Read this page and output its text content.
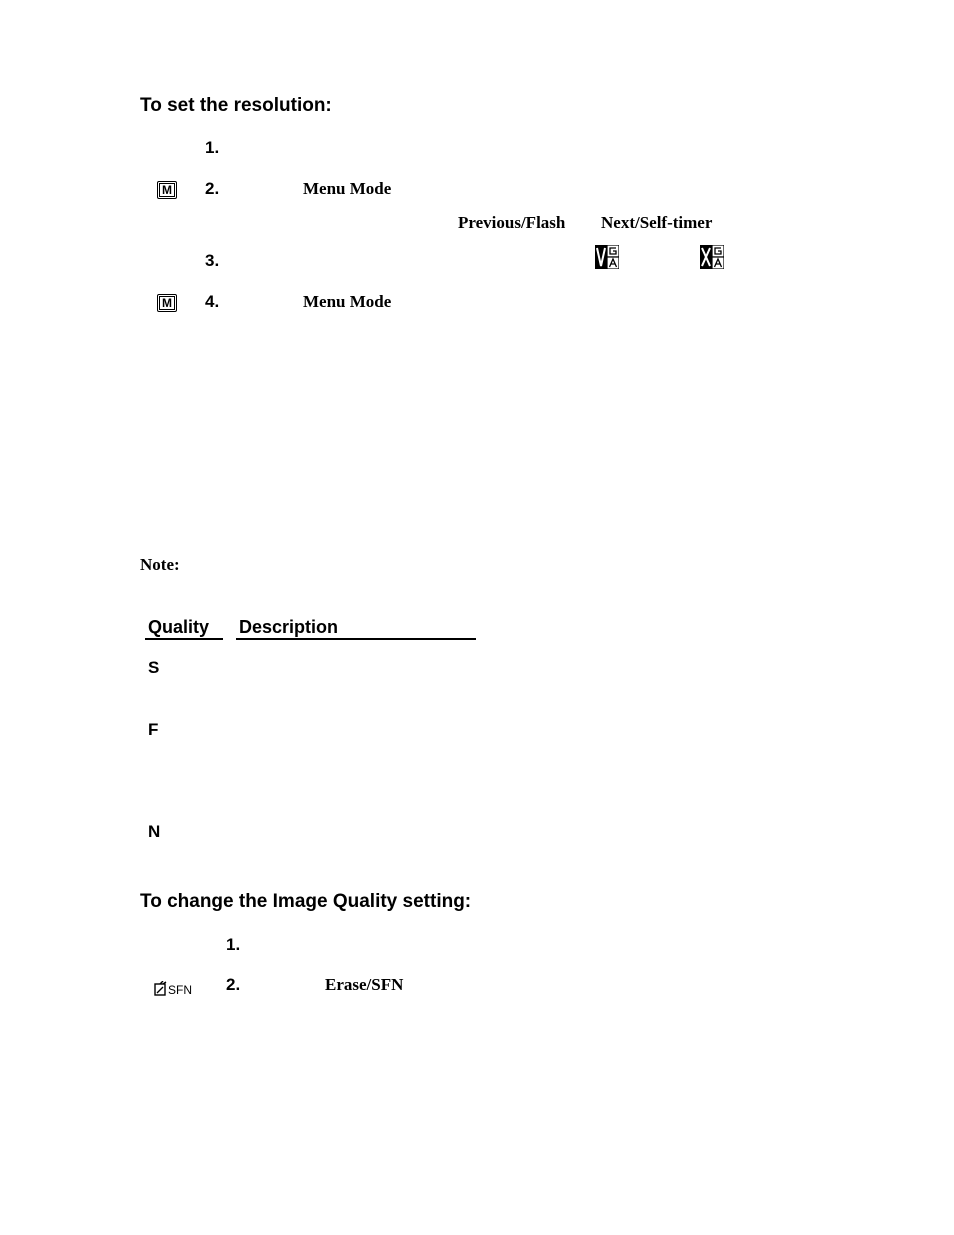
To set the resolution:
1.
M 2.	Menu Mode
Previous/Flash Next/Self-timer
3.
M 4.	Menu Mode
Note:
Quality	Description
S
F
N
To change the Image Quality setting:
1.
SFN 2.	Erase/SFN
